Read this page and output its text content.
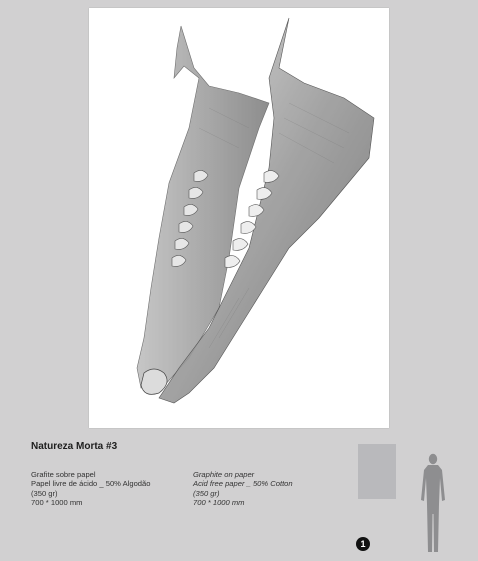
Natureza Morta #3
Grafite sobre papel
Papel livre de ácido _ 50% Algodão
(350 gr)
700 * 1000 mm
Graphite on paper
Acid free paper _ 50% Cotton
(350 gr)
700 * 1000 mm
1
